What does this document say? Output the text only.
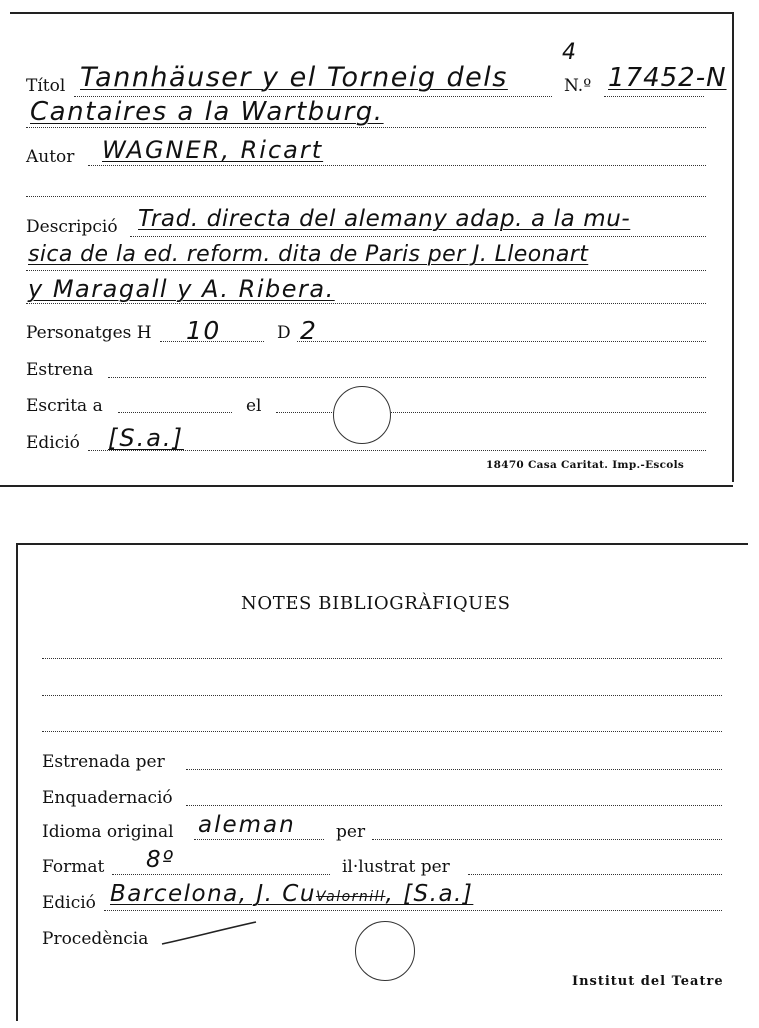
4
Títol Tannhäuser y el Torneig dels	N.º 17452-N
Cantaires a la Wartburg.
Autor WAGNER, Ricart
Descripció Trad. directa del alemany adap. a la mu-
sica de la ed. reform. dita de Paris per J. Lleonart
y Maragall y A. Ribera.
Personatges H 10	D 2
Estrena
Escrita a	el
Edició [S.a.]
18470 Casa Caritat. Imp.-Escols
NOTES BIBLIOGRÀFIQUES
Estrenada per
Enquadernació
Idioma original aleman per
Format 8º	il·lustrat per
Edició Barcelona, J. CuValornill, [S.a.]
Procedència
Institut del Teatre
